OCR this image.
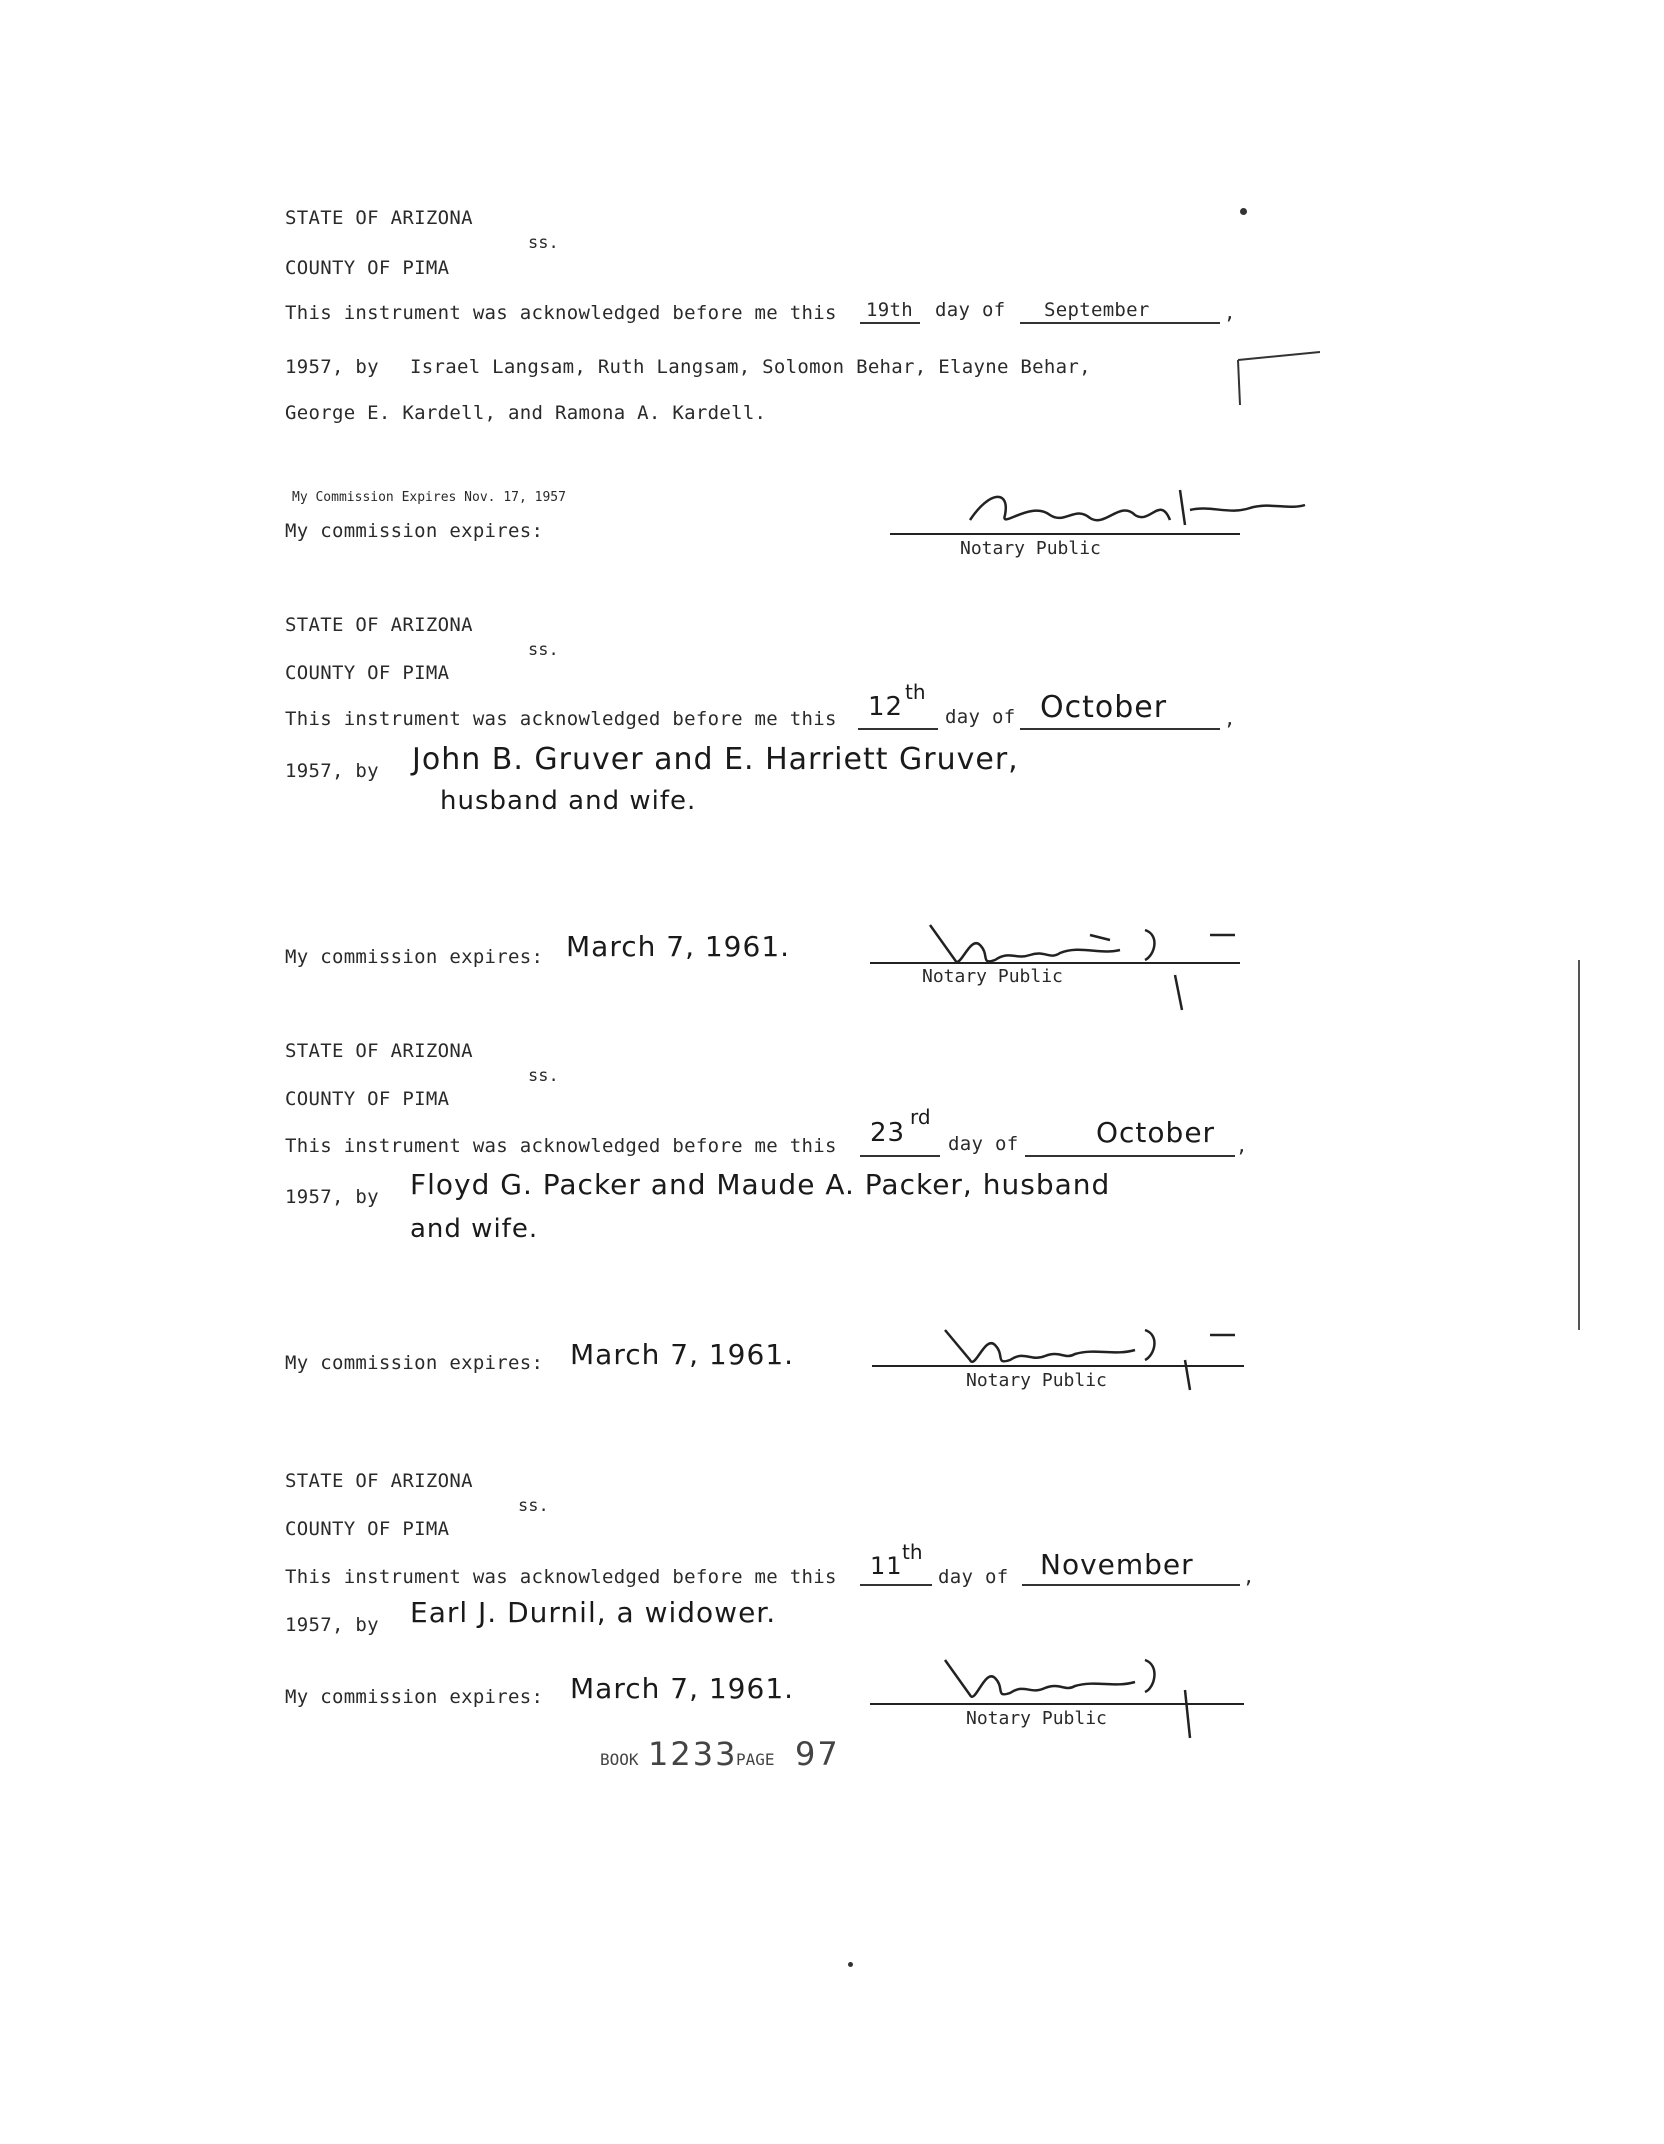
STATE OF ARIZONA
ss.
COUNTY OF PIMA
This instrument was acknowledged before me this 19th day of September	,
1957, by Israel Langsam, Ruth Langsam, Solomon Behar, Elayne Behar,
George E. Kardell, and Ramona A. Kardell.
My Commission Expires Nov. 17, 1957
My commission expires:
Notary Public
STATE OF ARIZONA
ss.
COUNTY OF PIMA
This instrument was acknowledged before me this 12 th
day of October	,
1957, by John B. Gruver and E. Harriett Gruver,
husband and wife.
My commission expires: March 7, 1961.
Notary Public
STATE OF ARIZONA
ss.
COUNTY OF PIMA
This instrument was acknowledged before me this 23
rd
day of	October ,
1957, by Floyd G. Packer and Maude A. Packer, husband
and wife.
My commission expires: March 7, 1961.
Notary Public
STATE OF ARIZONA
ss.
COUNTY OF PIMA
This instrument was acknowledged before me this 11 th
day of November	,
1957, by Earl J. Durnil, a widower.
My commission expires: March 7, 1961.
Notary Public
BOOK 1233
PAGE 97
